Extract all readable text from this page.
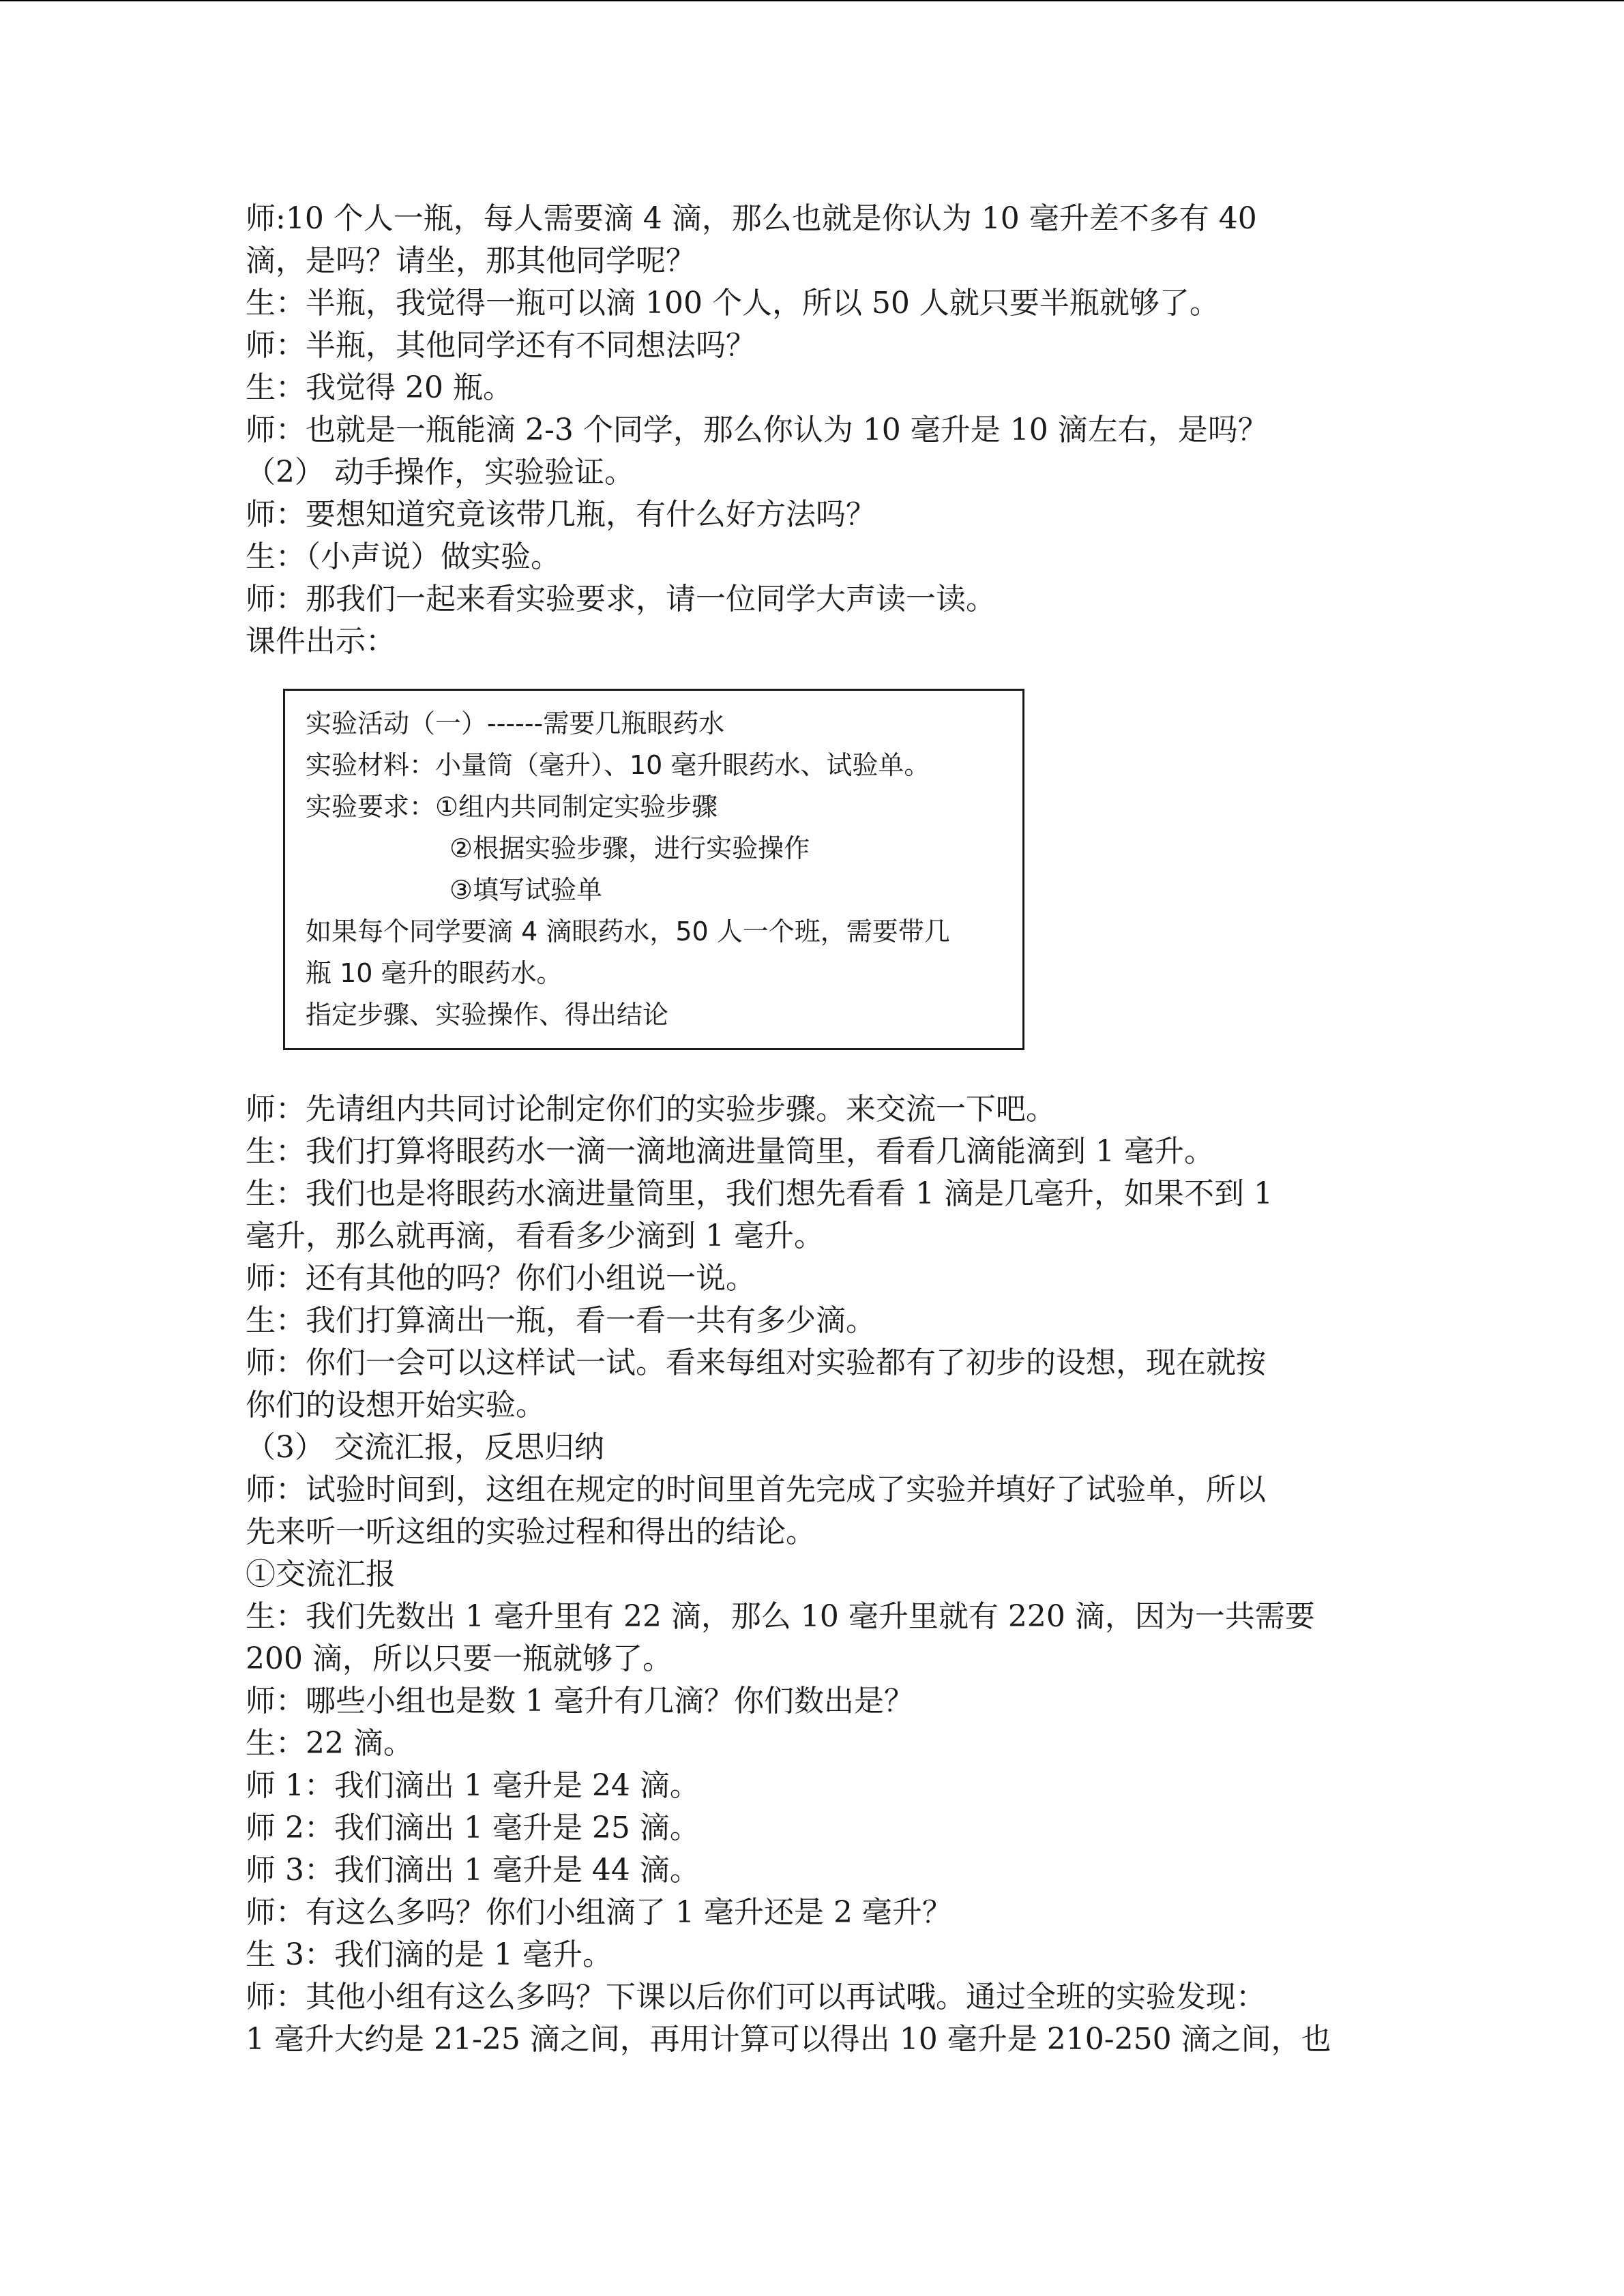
师:10 个人一瓶，每人需要滴 4 滴，那么也就是你认为 10 毫升差不多有 40

滴，是吗？请坐，那其他同学呢？

生：半瓶，我觉得一瓶可以滴 100 个人，所以 50 人就只要半瓶就够了。

师：半瓶，其他同学还有不同想法吗？

生：我觉得 20 瓶。

师：也就是一瓶能滴 2-3 个同学，那么你认为 10 毫升是 10 滴左右，是吗？

（2） 动手操作，实验验证。

师：要想知道究竟该带几瓶，有什么好方法吗？

生：（小声说）做实验。

师：那我们一起来看实验要求，请一位同学大声读一读。

课件出示：

实验活动（一）------需要几瓶眼药水

实验材料：小量筒（毫升）、10 毫升眼药水、试验单。

实验要求：①组内共同制定实验步骤

②根据实验步骤，进行实验操作

③填写试验单

如果每个同学要滴 4 滴眼药水，50 人一个班，需要带几

瓶 10 毫升的眼药水。

指定步骤、实验操作、得出结论

师：先请组内共同讨论制定你们的实验步骤。来交流一下吧。

生：我们打算将眼药水一滴一滴地滴进量筒里，看看几滴能滴到 1 毫升。

生：我们也是将眼药水滴进量筒里，我们想先看看 1 滴是几毫升，如果不到 1

毫升，那么就再滴，看看多少滴到 1 毫升。

师：还有其他的吗？你们小组说一说。

生：我们打算滴出一瓶，看一看一共有多少滴。

师：你们一会可以这样试一试。看来每组对实验都有了初步的设想，现在就按

你们的设想开始实验。

（3） 交流汇报，反思归纳

师：试验时间到，这组在规定的时间里首先完成了实验并填好了试验单，所以

先来听一听这组的实验过程和得出的结论。

①交流汇报

生：我们先数出 1 毫升里有 22 滴，那么 10 毫升里就有 220 滴，因为一共需要

200 滴，所以只要一瓶就够了。

师：哪些小组也是数 1 毫升有几滴？你们数出是？

生：22 滴。

师 1：我们滴出 1 毫升是 24 滴。

师 2：我们滴出 1 毫升是 25 滴。

师 3：我们滴出 1 毫升是 44 滴。

师：有这么多吗？你们小组滴了 1 毫升还是 2 毫升？

生 3：我们滴的是 1 毫升。

师：其他小组有这么多吗？下课以后你们可以再试哦。通过全班的实验发现：

1 毫升大约是 21-25 滴之间，再用计算可以得出 10 毫升是 210-250 滴之间，也
